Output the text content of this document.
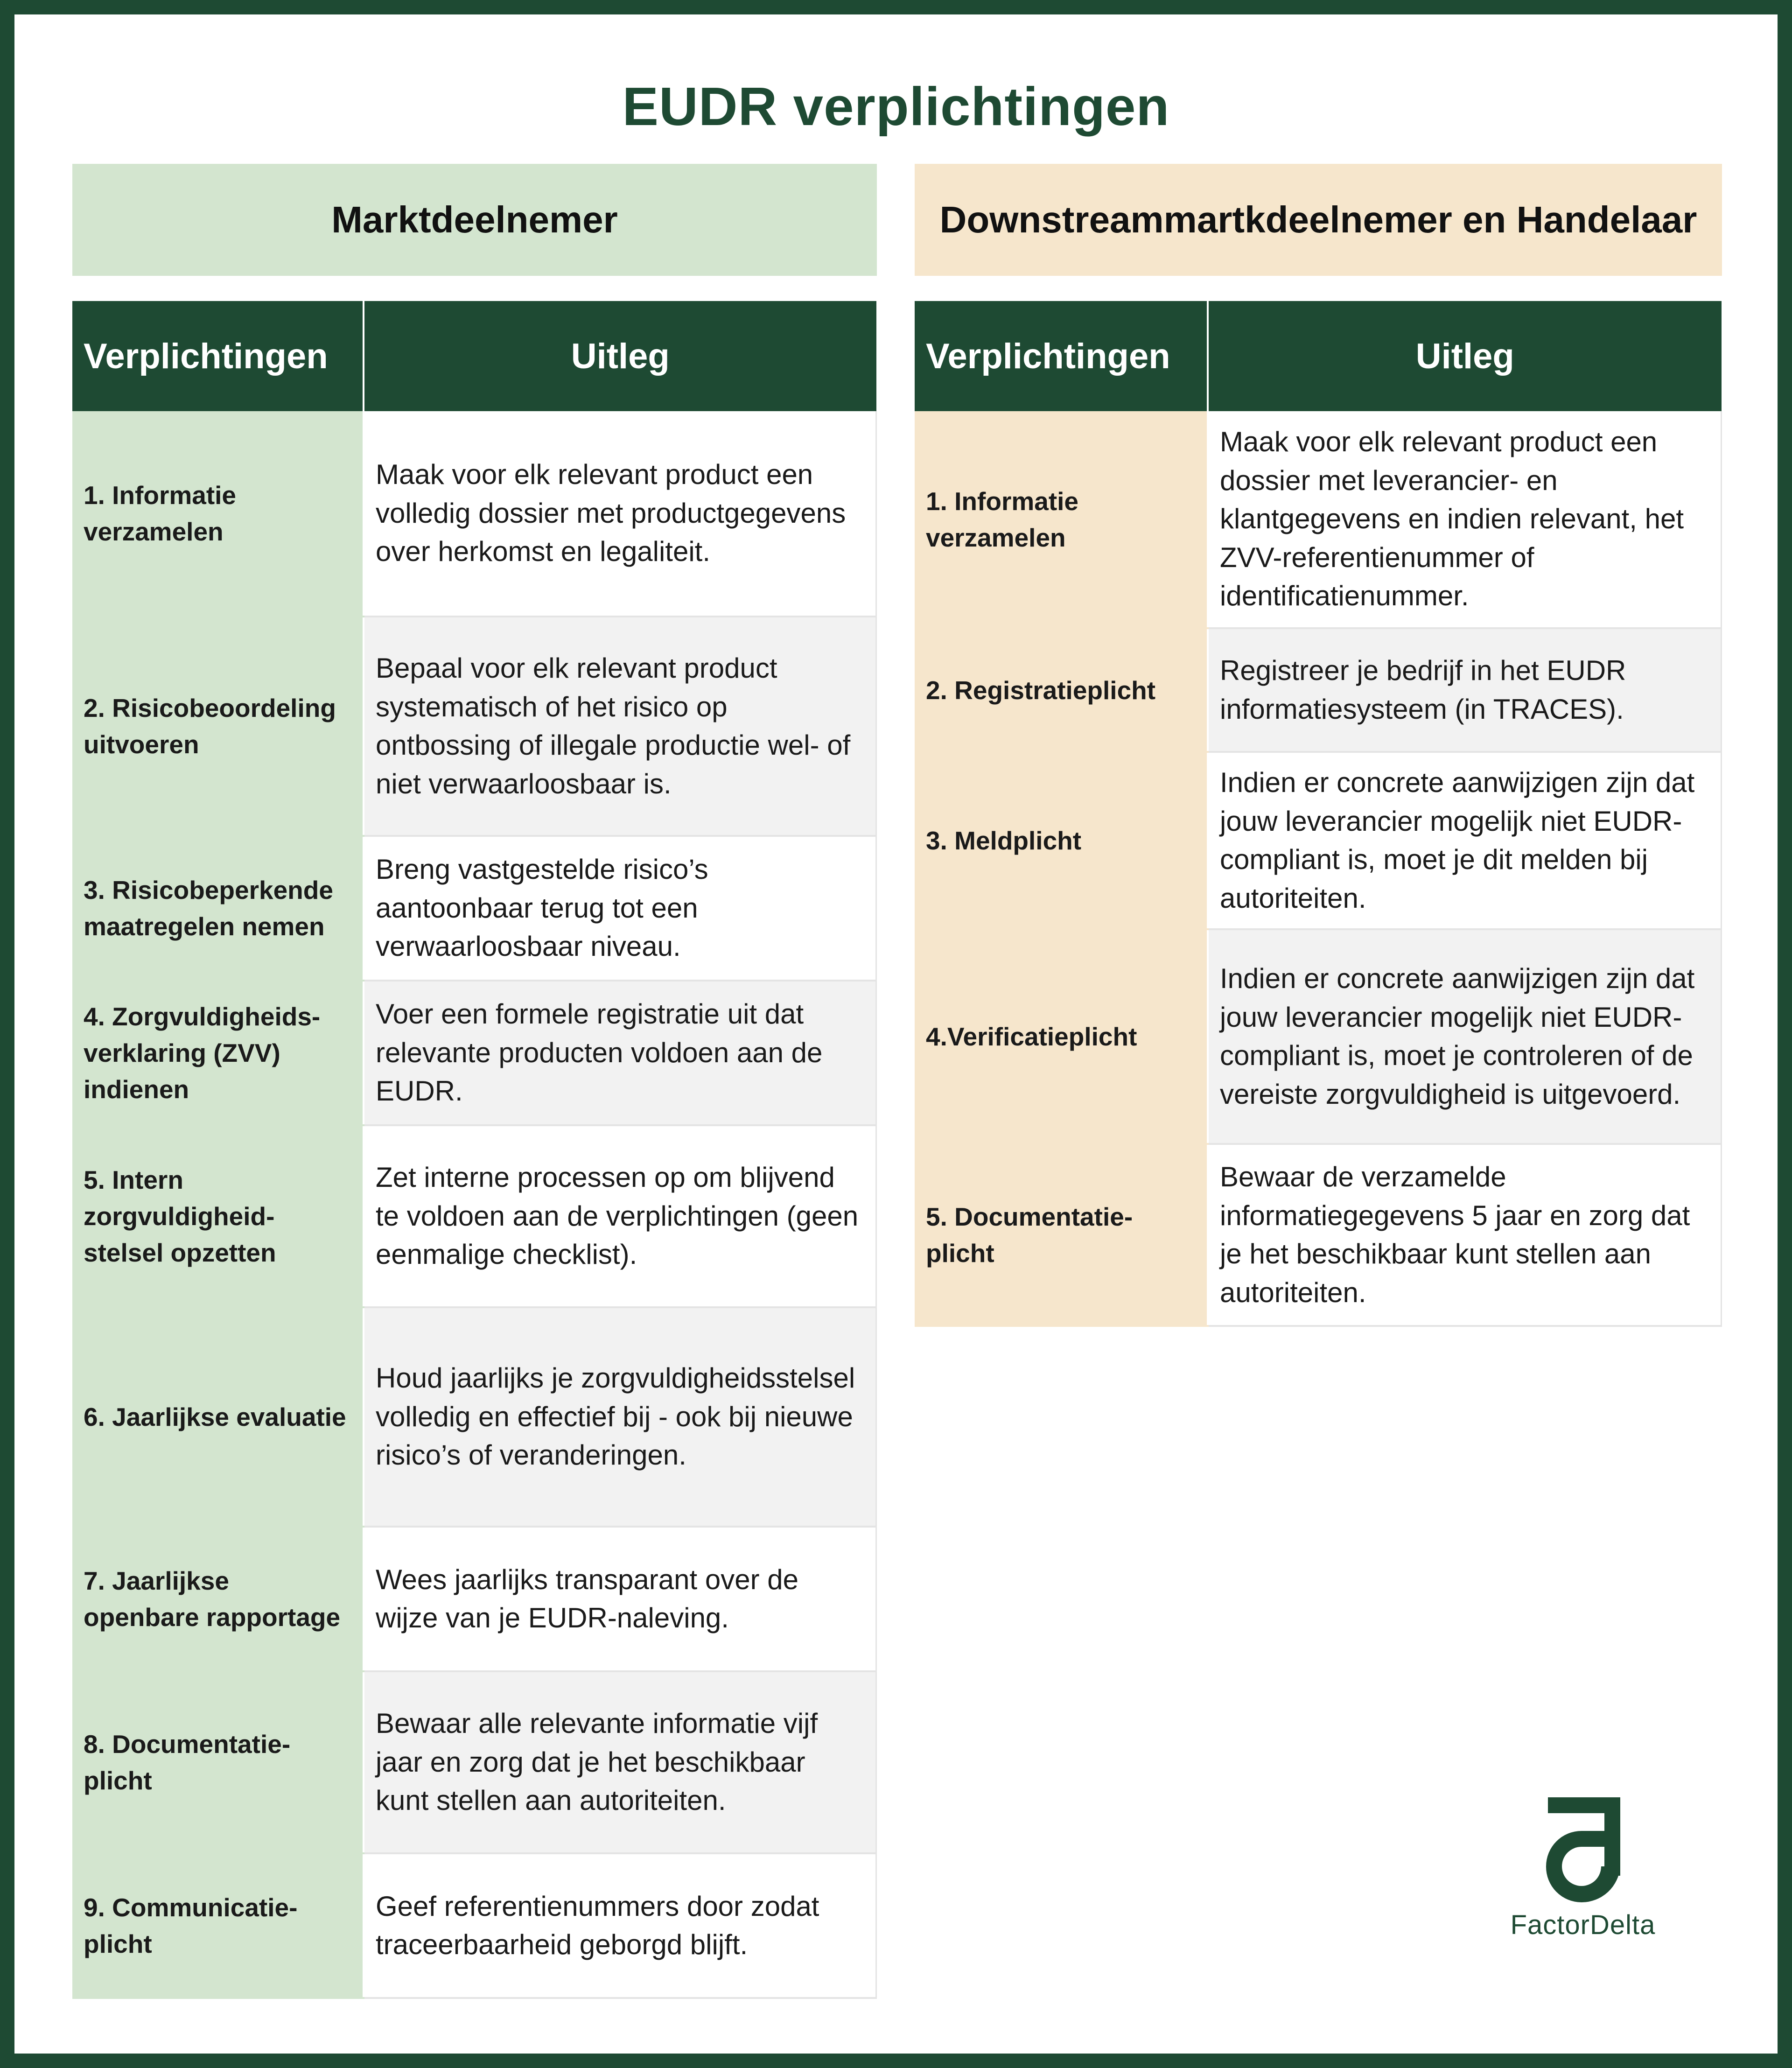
EUDR verplichtingen
Marktdeelnemer
Verplichtingen	Uitleg
1. Informatie verzamelen	Maak voor elk relevant product een volledig dossier met productgegevens over herkomst en legaliteit.
2. Risicobeoordeling uitvoeren	Bepaal voor elk relevant product systematisch of het risico op ontbossing of illegale productie wel- of niet verwaarloosbaar is.
3. Risicobeperkende maatregelen nemen	Breng vastgestelde risico’s aantoonbaar terug tot een verwaarloosbaar niveau.
4. Zorgvuldigheids-verklaring (ZVV) indienen	Voer een formele registratie uit dat relevante producten voldoen aan de EUDR.
5. Intern zorgvuldigheid-stelsel opzetten	Zet interne processen op om blijvend te voldoen aan de verplichtingen (geen eenmalige checklist).
6. Jaarlijkse evaluatie	Houd jaarlijks je zorgvuldigheidsstelsel volledig en effectief bij - ook bij nieuwe risico’s of veranderingen.
7. Jaarlijkse openbare rapportage	Wees jaarlijks transparant over de wijze van je EUDR-naleving.
8. Documentatie-plicht	Bewaar alle relevante informatie vijf jaar en zorg dat je het beschikbaar kunt stellen aan autoriteiten.
9. Communicatie-plicht	Geef referentienummers door zodat traceerbaarheid geborgd blijft.
Downstreammartkdeelnemer en Handelaar
Verplichtingen	Uitleg
1. Informatie verzamelen	Maak voor elk relevant product een dossier met leverancier- en klantgegevens en indien relevant, het ZVV-referentienummer of identificatienummer.
2. Registratieplicht	Registreer je bedrijf in het EUDR informatiesysteem (in TRACES).
3. Meldplicht	Indien er concrete aanwijzigen zijn dat jouw leverancier mogelijk niet EUDR-compliant is, moet je dit melden bij autoriteiten.
4.Verificatieplicht	Indien er concrete aanwijzigen zijn dat jouw leverancier mogelijk niet EUDR-compliant is, moet je controleren of de vereiste zorgvuldigheid is uitgevoerd.
5. Documentatie-plicht	Bewaar de verzamelde informatiegegevens 5 jaar en zorg dat je het beschikbaar kunt stellen aan autoriteiten.
FactorDelta
